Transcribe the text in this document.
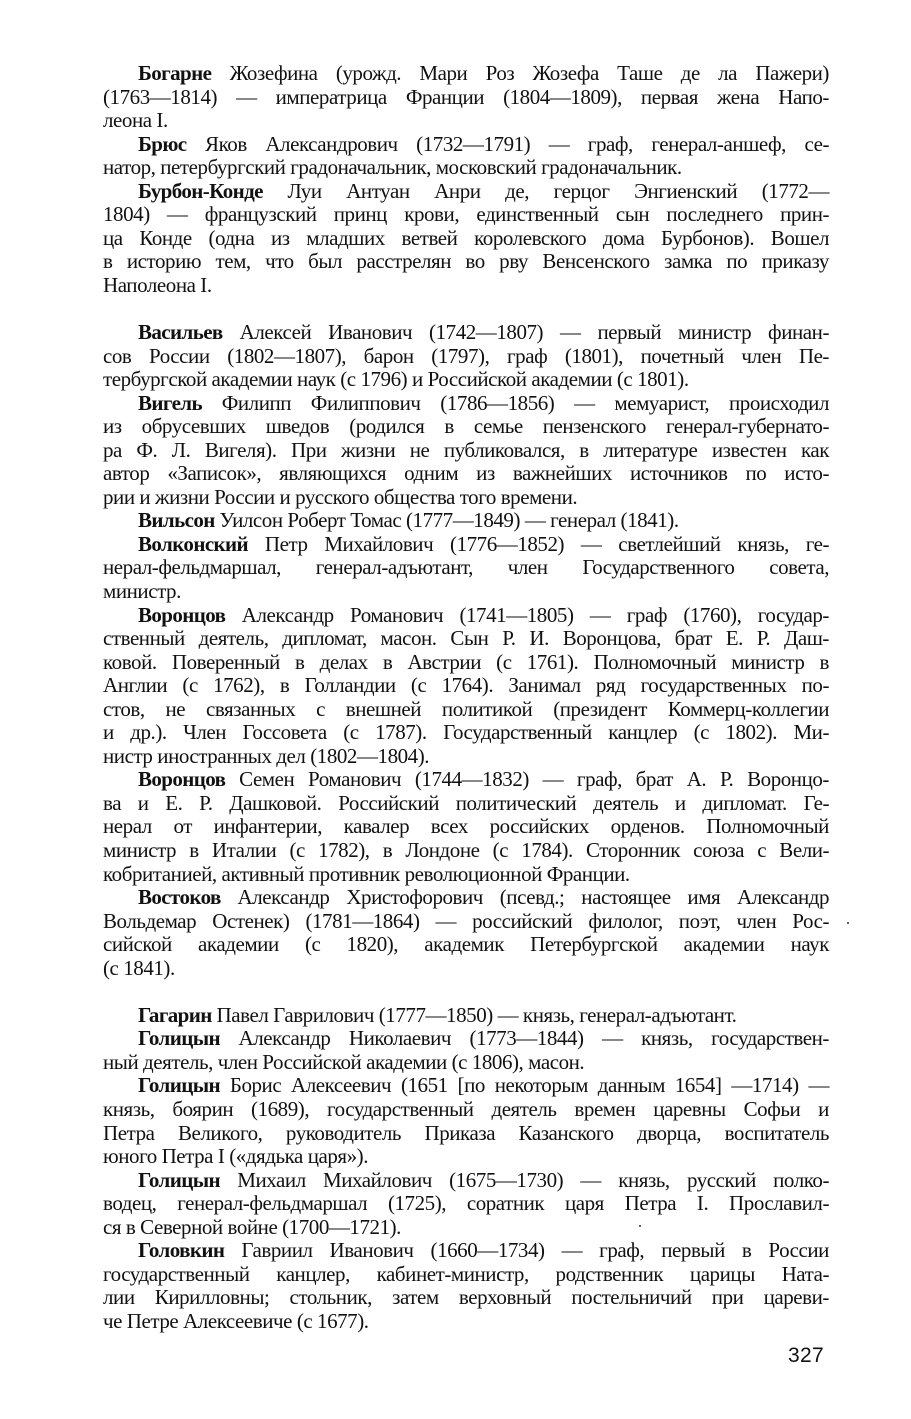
Богарне Жозефина (урожд. Мари Роз Жозефа Таше де ла Пажери)
(1763—1814) — императрица Франции (1804—1809), первая жена Напо-
леона I.
Брюс Яков Александрович (1732—1791) — граф, генерал-аншеф, се-
натор, петербургский градоначальник, московский градоначальник.
Бурбон-Конде Луи Антуан Анри де, герцог Энгиенский (1772—
1804) — французский принц крови, единственный сын последнего прин-
ца Конде (одна из младших ветвей королевского дома Бурбонов). Вошел
в историю тем, что был расстрелян во рву Венсенского замка по приказу
Наполеона I.
Васильев Алексей Иванович (1742—1807) — первый министр финан-
сов России (1802—1807), барон (1797), граф (1801), почетный член Пе-
тербургской академии наук (с 1796) и Российской академии (с 1801).
Вигель Филипп Филиппович (1786—1856) — мемуарист, происходил
из обрусевших шведов (родился в семье пензенского генерал-губернато-
ра Ф. Л. Вигеля). При жизни не публиковался, в литературе известен как
автор «Записок», являющихся одним из важнейших источников по исто-
рии и жизни России и русского общества того времени.
Вильсон Уилсон Роберт Томас (1777—1849) — генерал (1841).
Волконский Петр Михайлович (1776—1852) — светлейший князь, ге-
нерал-фельдмаршал, генерал-адъютант, член Государственного совета,
министр.
Воронцов Александр Романович (1741—1805) — граф (1760), государ-
ственный деятель, дипломат, масон. Сын Р. И. Воронцова, брат Е. Р. Даш-
ковой. Поверенный в делах в Австрии (с 1761). Полномочный министр в
Англии (с 1762), в Голландии (с 1764). Занимал ряд государственных по-
стов, не связанных с внешней политикой (президент Коммерц-коллегии
и др.). Член Госсовета (с 1787). Государственный канцлер (с 1802). Ми-
нистр иностранных дел (1802—1804).
Воронцов Семен Романович (1744—1832) — граф, брат А. Р. Воронцо-
ва и Е. Р. Дашковой. Российский политический деятель и дипломат. Ге-
нерал от инфантерии, кавалер всех российских орденов. Полномочный
министр в Италии (с 1782), в Лондоне (с 1784). Сторонник союза с Вели-
кобританией, активный противник революционной Франции.
Востоков Александр Христофорович (псевд.; настоящее имя Александр
Вольдемар Остенек) (1781—1864) — российский филолог, поэт, член Рос-
сийской академии (с 1820), академик Петербургской академии наук
(с 1841).
Гагарин Павел Гаврилович (1777—1850) — князь, генерал-адъютант.
Голицын Александр Николаевич (1773—1844) — князь, государствен-
ный деятель, член Российской академии (с 1806), масон.
Голицын Борис Алексеевич (1651 [по некоторым данным 1654] —1714) —
князь, боярин (1689), государственный деятель времен царевны Софьи и
Петра Великого, руководитель Приказа Казанского дворца, воспитатель
юного Петра I («дядька царя»).
Голицын Михаил Михайлович (1675—1730) — князь, русский полко-
водец, генерал-фельдмаршал (1725), соратник царя Петра I. Прославил-
ся в Северной войне (1700—1721).
Головкин Гавриил Иванович (1660—1734) — граф, первый в России
государственный канцлер, кабинет-министр, родственник царицы Ната-
лии Кирилловны; стольник, затем верховный постельничий при цареви-
че Петре Алексеевиче (с 1677).
327
